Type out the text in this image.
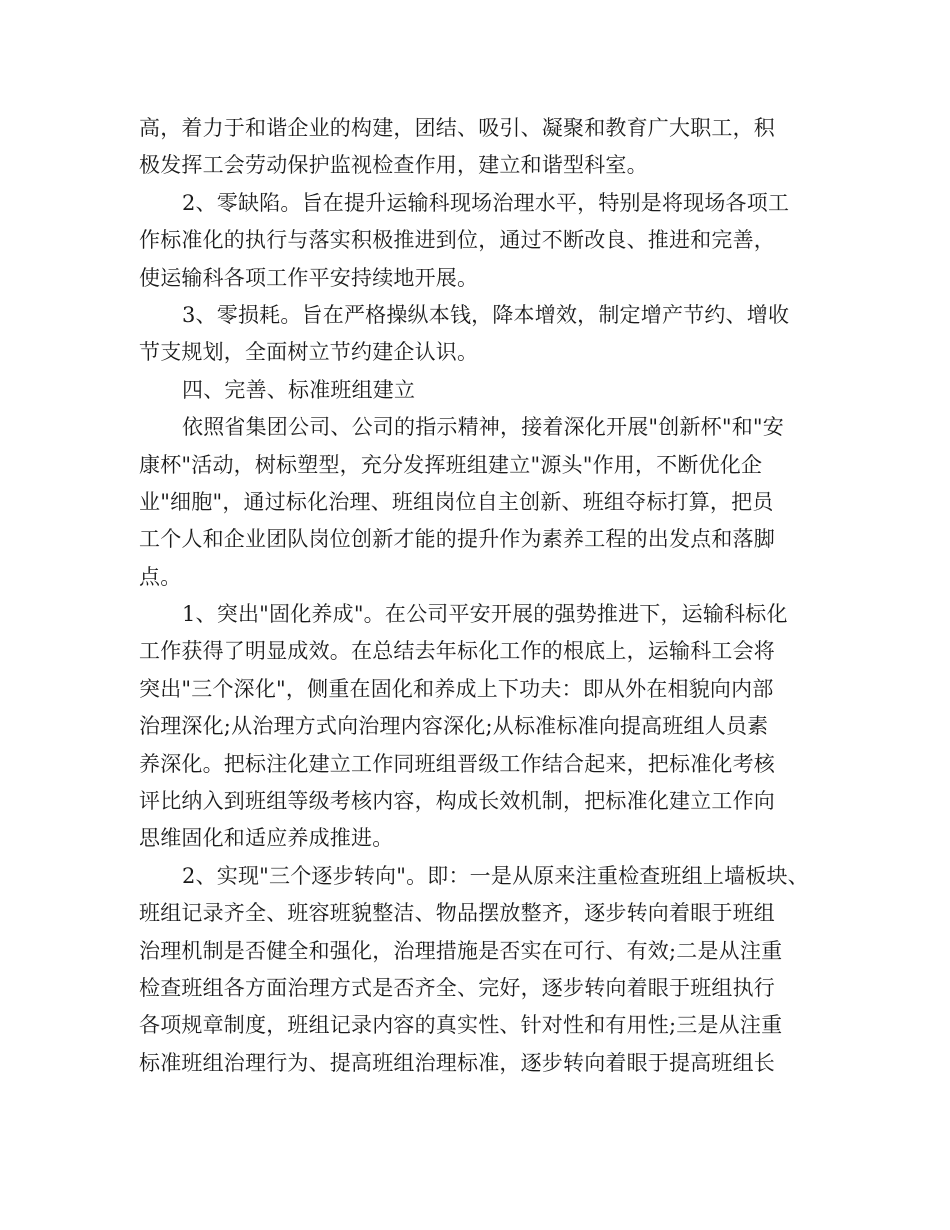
高，着力于和谐企业的构建，团结、吸引、凝聚和教育广大职工，积
极发挥工会劳动保护监视检查作用，建立和谐型科室。
2、零缺陷。旨在提升运输科现场治理水平，特别是将现场各项工
作标准化的执行与落实积极推进到位，通过不断改良、推进和完善，
使运输科各项工作平安持续地开展。
3、零损耗。旨在严格操纵本钱，降本增效，制定增产节约、增收
节支规划，全面树立节约建企认识。
四、完善、标准班组建立
依照省集团公司、公司的指示精神，接着深化开展"创新杯"和"安
康杯"活动，树标塑型，充分发挥班组建立"源头"作用，不断优化企
业"细胞"，通过标化治理、班组岗位自主创新、班组夺标打算，把员
工个人和企业团队岗位创新才能的提升作为素养工程的出发点和落脚
点。
1、突出"固化养成"。在公司平安开展的强势推进下，运输科标化
工作获得了明显成效。在总结去年标化工作的根底上，运输科工会将
突出"三个深化"，侧重在固化和养成上下功夫：即从外在相貌向内部
治理深化;从治理方式向治理内容深化;从标准标准向提高班组人员素
养深化。把标注化建立工作同班组晋级工作结合起来，把标准化考核
评比纳入到班组等级考核内容，构成长效机制，把标准化建立工作向
思维固化和适应养成推进。
2、实现"三个逐步转向"。即：一是从原来注重检查班组上墙板块、
班组记录齐全、班容班貌整洁、物品摆放整齐，逐步转向着眼于班组
治理机制是否健全和强化，治理措施是否实在可行、有效;二是从注重
检查班组各方面治理方式是否齐全、完好，逐步转向着眼于班组执行
各项规章制度，班组记录内容的真实性、针对性和有用性;三是从注重
标准班组治理行为、提高班组治理标准，逐步转向着眼于提高班组长
